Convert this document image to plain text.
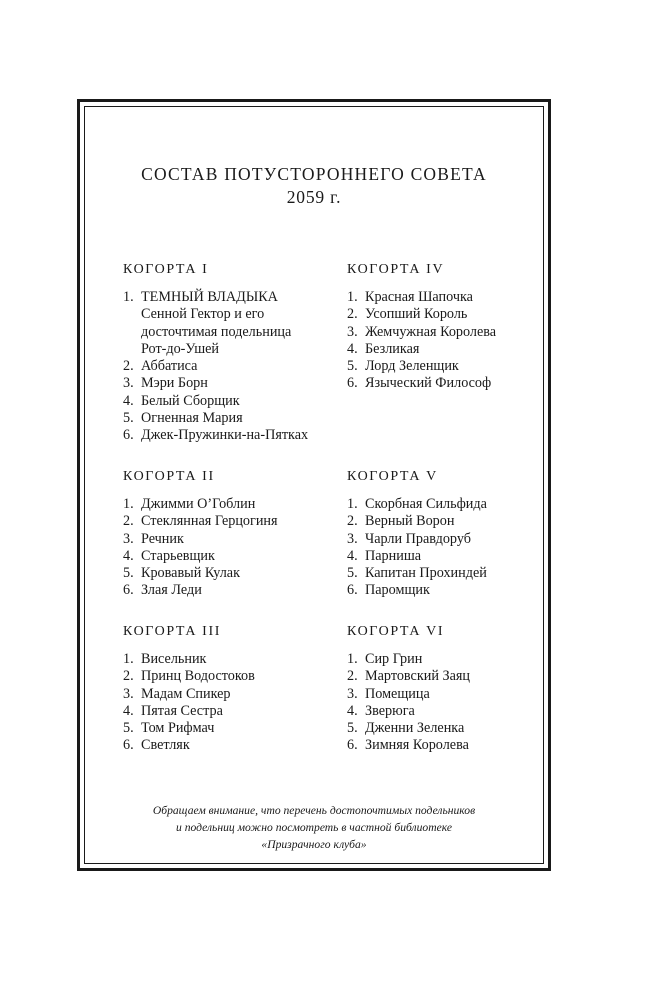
СОСТАВ ПОТУСТОРОННЕГО СОВЕТА
2059 г.
КОГОРТА I
1. ТЕМНЫЙ ВЛАДЫКА
Сенной Гектор и его
досточтимая подельница
Рот-до-Ушей
2. Аббатиса
3. Мэри Борн
4. Белый Сборщик
5. Огненная Мария
6. Джек-Пружинки-на-Пятках
КОГОРТА IV
1. Красная Шапочка
2. Усопший Король
3. Жемчужная Королева
4. Безликая
5. Лорд Зеленщик
6. Языческий Философ
КОГОРТА II
1. Джимми О’Гоблин
2. Стеклянная Герцогиня
3. Речник
4. Старьевщик
5. Кровавый Кулак
6. Злая Леди
КОГОРТА V
1. Скорбная Сильфида
2. Верный Ворон
3. Чарли Правдоруб
4. Парниша
5. Капитан Прохиндей
6. Паромщик
КОГОРТА III
1. Висельник
2. Принц Водостоков
3. Мадам Спикер
4. Пятая Сестра
5. Том Рифмач
6. Светляк
КОГОРТА VI
1. Сир Грин
2. Мартовский Заяц
3. Помещица
4. Зверюга
5. Дженни Зеленка
6. Зимняя Королева
Обращаем внимание, что перечень достопочтимых подельников
и подельниц можно посмотреть в частной библиотеке
«Призрачного клуба»
